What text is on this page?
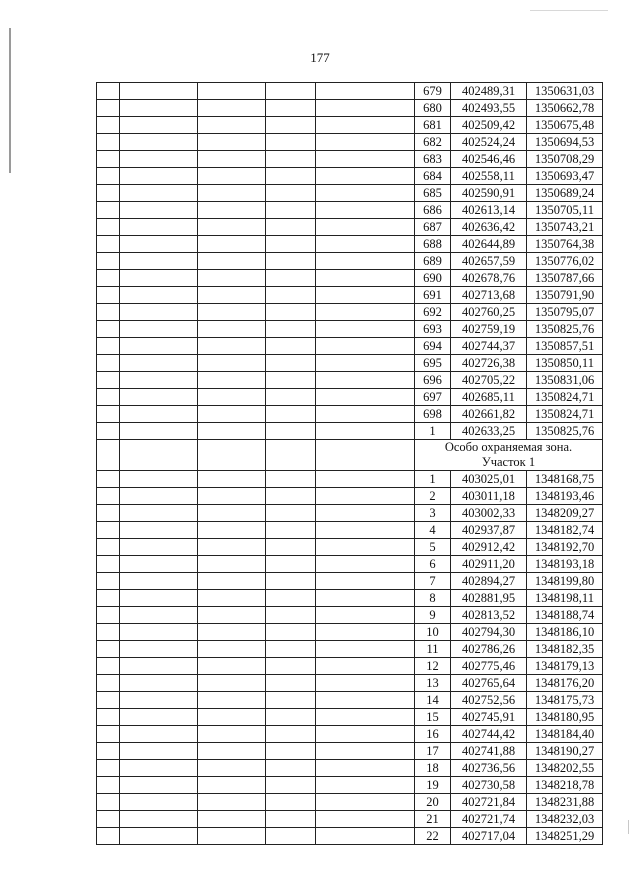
177
					679	402489,31	1350631,03
					680	402493,55	1350662,78
					681	402509,42	1350675,48
					682	402524,24	1350694,53
					683	402546,46	1350708,29
					684	402558,11	1350693,47
					685	402590,91	1350689,24
					686	402613,14	1350705,11
					687	402636,42	1350743,21
					688	402644,89	1350764,38
					689	402657,59	1350776,02
					690	402678,76	1350787,66
					691	402713,68	1350791,90
					692	402760,25	1350795,07
					693	402759,19	1350825,76
					694	402744,37	1350857,51
					695	402726,38	1350850,11
					696	402705,22	1350831,06
					697	402685,11	1350824,71
					698	402661,82	1350824,71
					1	402633,25	1350825,76

					Особо охраняемая зона.
Участок 1		

					1	403025,01	1348168,75
					2	403011,18	1348193,46
					3	403002,33	1348209,27
					4	402937,87	1348182,74
					5	402912,42	1348192,70
					6	402911,20	1348193,18
					7	402894,27	1348199,80
					8	402881,95	1348198,11
					9	402813,52	1348188,74
					10	402794,30	1348186,10
					11	402786,26	1348182,35
					12	402775,46	1348179,13
					13	402765,64	1348176,20
					14	402752,56	1348175,73
					15	402745,91	1348180,95
					16	402744,42	1348184,40
					17	402741,88	1348190,27
					18	402736,56	1348202,55
					19	402730,58	1348218,78
					20	402721,84	1348231,88
					21	402721,74	1348232,03
					22	402717,04	1348251,29
